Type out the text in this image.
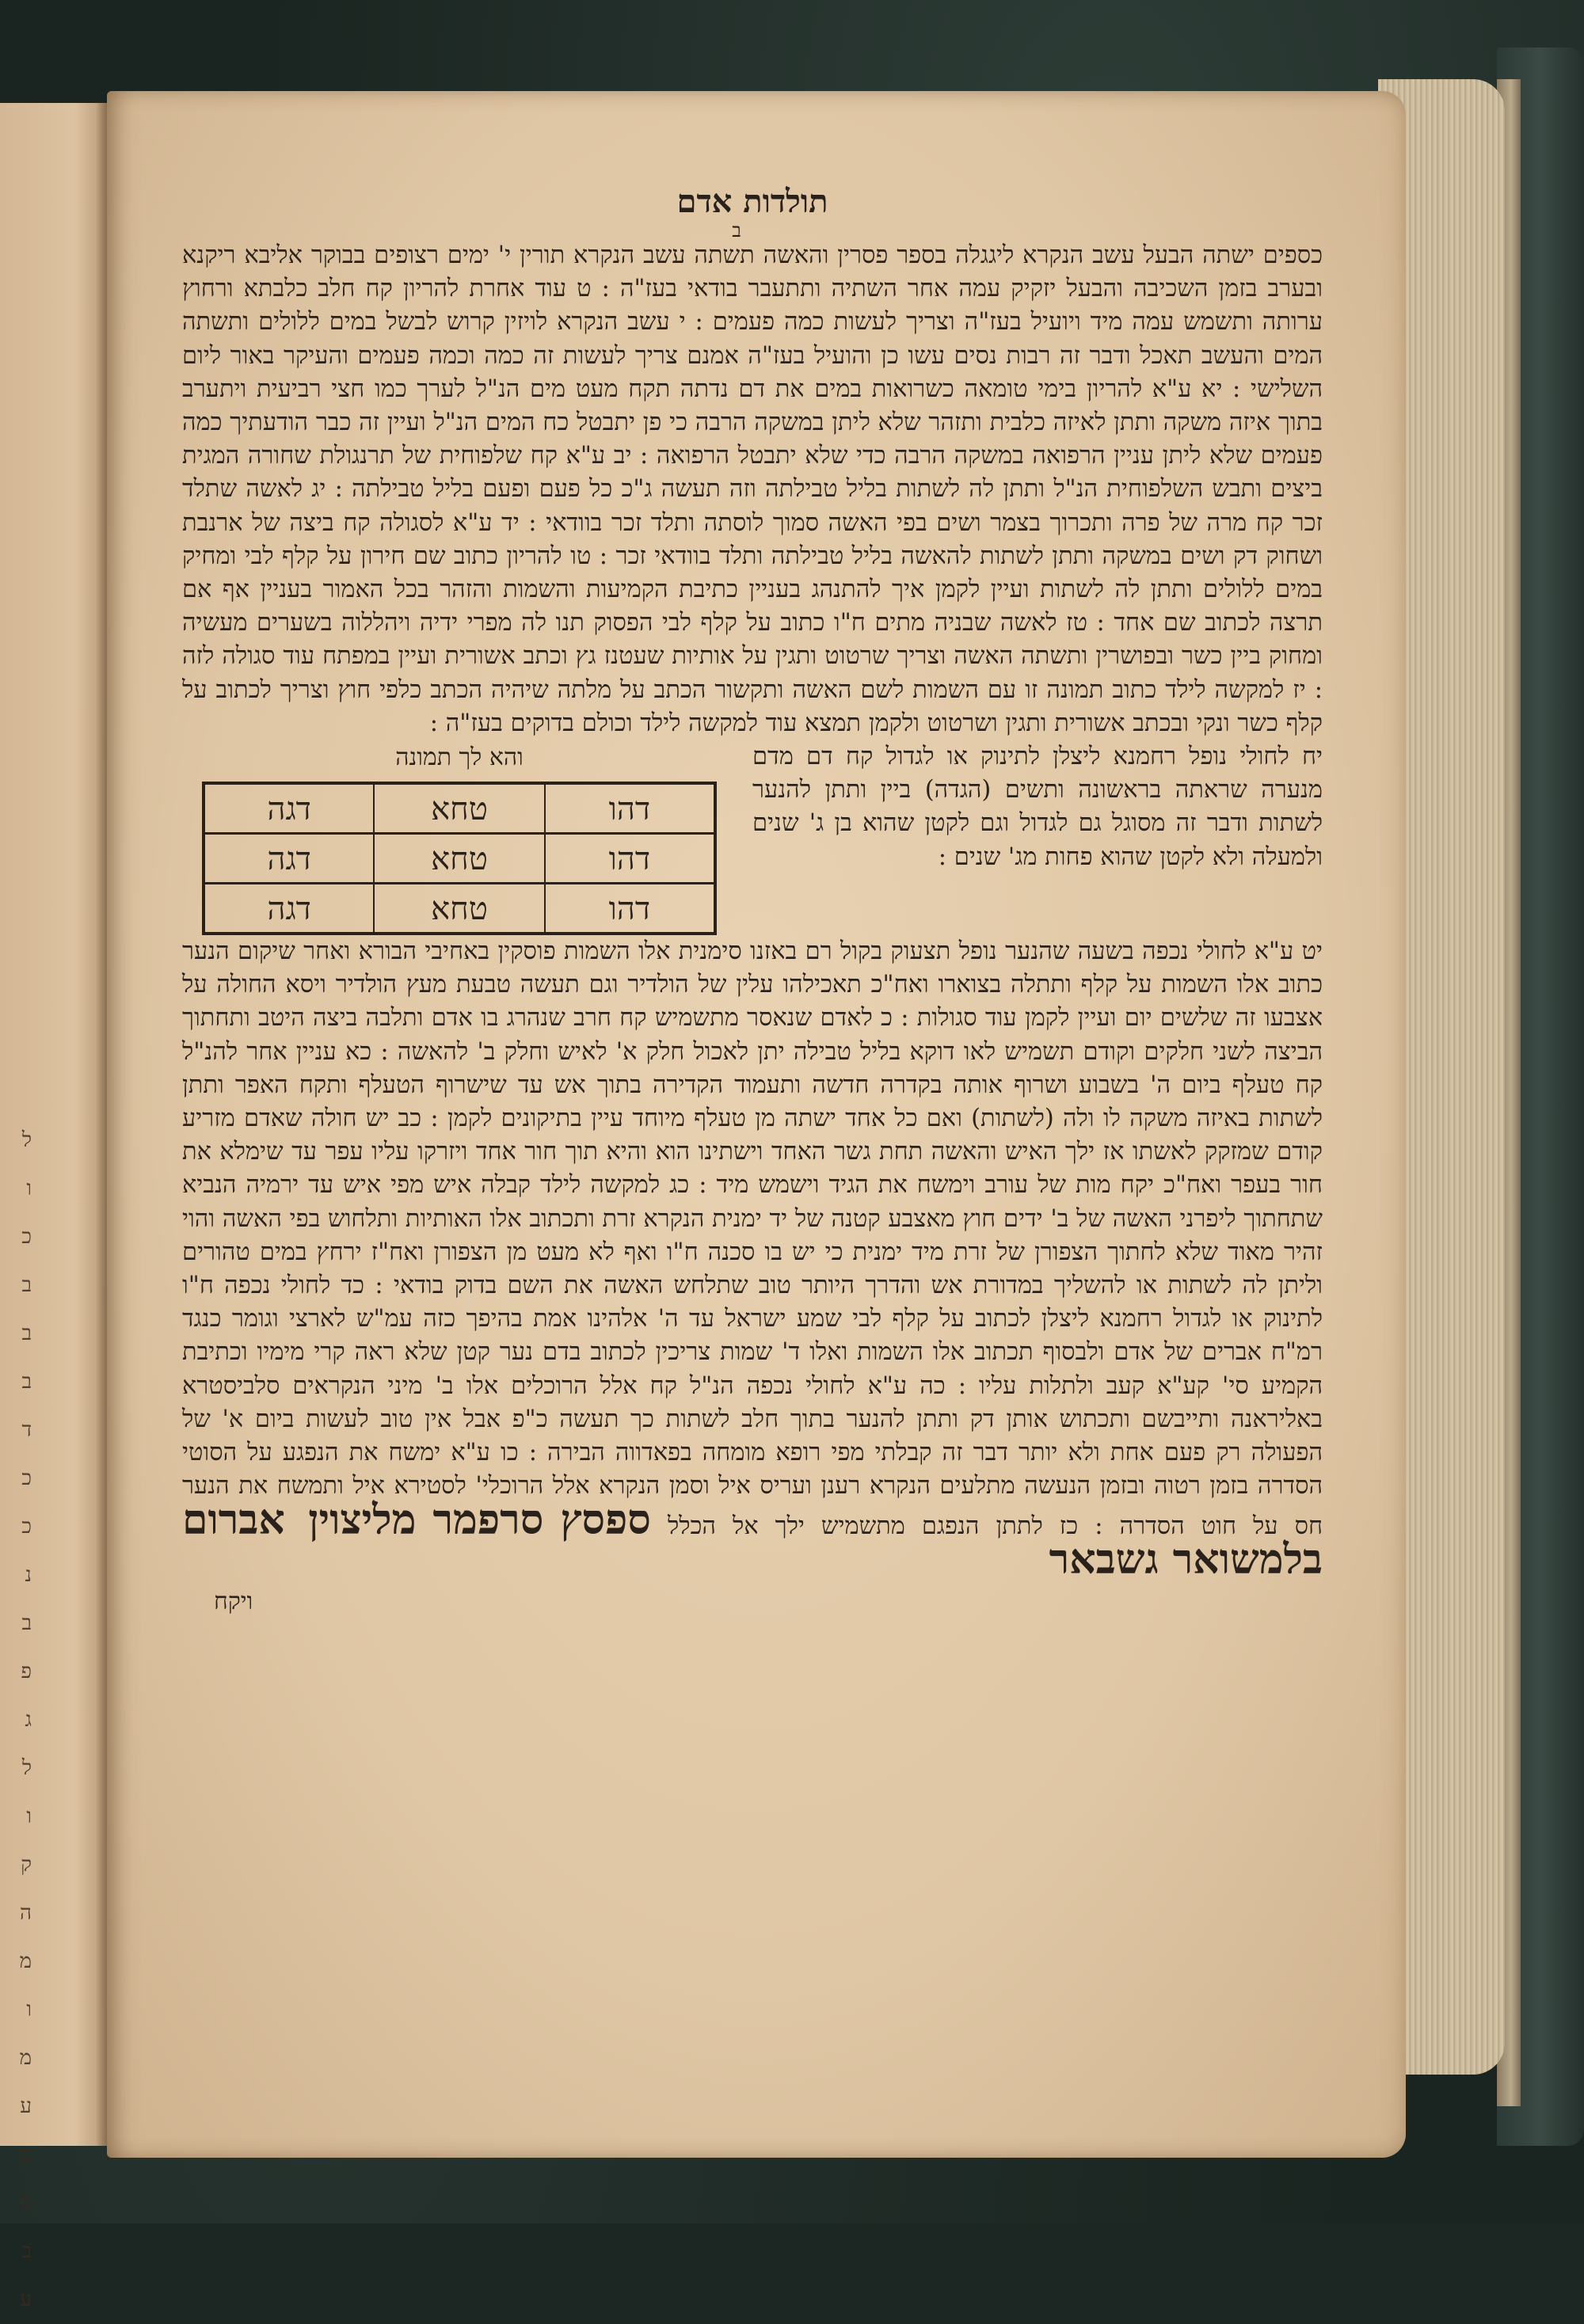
ל
ו
כ
ב
ב
ב
ד
כ
כ
נ
ב
פ
ג
ל
ו
ק
ה
מ
ו
מ
ע
ס
ס
ב
ע
תולדות אדם
ב

כספים ישתה הבעל עשב הנקרא ליגגלה בספר פסרין והאשה תשתה עשב הנקרא תורין י' ימים רצופים בבוקר אליבא ריקנא ובערב בזמן השכיבה והבעל יזקיק עמה אחר השתיה ותתעבר בודאי בעז"ה : ט עוד אחרת להריון קח חלב כלבתא ורחוץ ערותה ותשמש עמה מיד ויועיל בעז"ה וצריך לעשות כמה פעמים : י עשב הנקרא לויזין קרוש לבשל במים ללולים ותשתה המים והעשב תאכל ודבר זה רבות נסים עשו כן והועיל בעז"ה אמנם צריך לעשות זה כמה וכמה פעמים והעיקר באור ליום השלישי : יא ע"א להריון בימי טומאה כשרואות במים את דם נדתה תקח מעט מים הנ"ל לערך כמו חצי רביעית ויתערב בתוך איזה משקה ותתן לאיזה כלבית ותזהר שלא ליתן במשקה הרבה כי פן יתבטל כח המים הנ"ל ועיין זה כבר הודעתיך כמה פעמים שלא ליתן עניין הרפואה במשקה הרבה כדי שלא יתבטל הרפואה : יב ע"א קח שלפוחית של תרנגולת שחורה המגית ביצים ותבש השלפוחית הנ"ל ותתן לה לשתות בליל טבילתה וזה תעשה ג"כ כל פעם ופעם בליל טבילתה : יג לאשה שתלד זכר קח מרה של פרה ותכרוך בצמר ושים בפי האשה סמוך לוסתה ותלד זכר בוודאי : יד ע"א לסגולה קח ביצה של ארנבת ושחוק דק ושים במשקה ותתן לשתות להאשה בליל טבילתה ותלד בוודאי זכר : טו להריון כתוב שם חירון על קלף לבי ומחיק במים ללולים ותתן לה לשתות ועיין לקמן איך להתנהג בעניין כתיבת הקמיעות והשמות והזהר בכל האמור בעניין אף אם תרצה לכתוב שם אחד : טז לאשה שבניה מתים ח"ו כתוב על קלף לבי הפסוק תנו לה מפרי ידיה ויהללוה בשערים מעשיה ומחוק ביין כשר ובפושרין ותשתה האשה וצריך שרטוט ותגין על אותיות שעטנז גץ וכתב אשורית ועיין במפתח עוד סגולה לזה : יז למקשה לילד כתוב תמונה זו עם השמות לשם האשה ותקשור הכתב על מלתה שיהיה הכתב כלפי חוץ וצריך לכתוב על קלף כשר ונקי ובכתב אשורית ותגין ושרטוט ולקמן תמצא עוד למקשה לילד וכולם בדוקים בעז"ה :

יח לחולי נופל רחמנא ליצלן לתינוק או לגדול קח דם מדם מנערה שראתה בראשונה ותשים (הגדה) ביין ותתן להנער לשתות ודבר זה מסוגל גם לגדול וגם לקטן שהוא בן ג' שנים ולמעלה ולא לקטן שהוא פחות מג' שנים :
והא לך תמונה
דהו	טחא	דגה
דהו	טחא	דגה
דהו	טחא	דגה

יט ע"א לחולי נכפה בשעה שהנער נופל תצעוק בקול רם באזנו סימנית אלו השמות פוסקין באחיבי הבורא ואחר שיקום הנער כתוב אלו השמות על קלף ותתלה בצוארו ואח"כ תאכילהו עלין של הולדיר וגם תעשה טבעת מעץ הולדיר ויסא החולה על אצבעו זה שלשים יום ועיין לקמן עוד סגולות : כ לאדם שנאסר מתשמיש קח חרב שנהרג בו אדם ותלבה ביצה היטב ותחתוך הביצה לשני חלקים וקודם תשמיש לאו דוקא בליל טבילה יתן לאכול חלק א' לאיש וחלק ב' להאשה : כא עניין אחר להנ"ל קח טעלף ביום ה' בשבוע ושרוף אותה בקדרה חדשה ותעמוד הקדירה בתוך אש עד שישרוף הטעלף ותקח האפר ותתן לשתות באיזה משקה לו ולה (לשתות) ואם כל אחד ישתה מן טעלף מיוחד עיין בתיקונים לקמן : כב יש חולה שאדם מזריע קודם שמזקק לאשתו אז ילך האיש והאשה תחת גשר האחד וישתינו הוא והיא תוך חור אחד ויזרקו עליו עפר עד שימלא את חור בעפר ואח"כ יקח מות של עורב וימשח את הגיד וישמש מיד : כג למקשה לילד קבלה איש מפי איש עד ירמיה הנביא שתחתוך ליפרני האשה של ב' ידים חוץ מאצבע קטנה של יד ימנית הנקרא זרת ותכתוב אלו האותיות ותלחוש בפי האשה והוי זהיר מאוד שלא לחתוך הצפורן של זרת מיד ימנית כי יש בו סכנה ח"ו ואף לא מעט מן הצפורן ואח"ז ירחץ במים טהורים וליתן לה לשתות או להשליך במדורת אש והדרך היותר טוב שתלחש האשה את השם בדוק בודאי : כד לחולי נכפה ח"ו לתינוק או לגדול רחמנא ליצלן לכתוב על קלף לבי שמע ישראל עד ה' אלהינו אמת בהיפך כזה עמ"ש לארצי וגומר כנגד רמ"ח אברים של אדם ולבסוף תכתוב אלו השמות ואלו ד' שמות צריכין לכתוב בדם נער קטן שלא ראה קרי מימיו וכתיבת הקמיע סי' קע"א קעב ולתלות עליו : כה ע"א לחולי נכפה הנ"ל קח אלל הרוכלים אלו ב' מיני הנקראים סלביסטרא באליראנה ותייבשם ותכתוש אותן דק ותתן להנער בתוך חלב לשתות כך תעשה כ"פ אבל אין טוב לעשות ביום א' של הפעולה רק פעם אחת ולא יותר דבר זה קבלתי מפי רופא מומחה בפאדווה הבירה : כו ע"א ימשח את הנפגע על הסוטי הסדרה בזמן רטוה ובזמן הנעשה מתלעים הנקרא רענן ועריס איל וסמן הנקרא אלל הרוכלי' לסטירא איל ותמשח את הנער חס על חוט הסדרה : כז לתתן הנפגם מתשמיש ילך אל הכלל ספסץ סרפמר מליצוין אברום בלמשואר גשבאר

ויקח
